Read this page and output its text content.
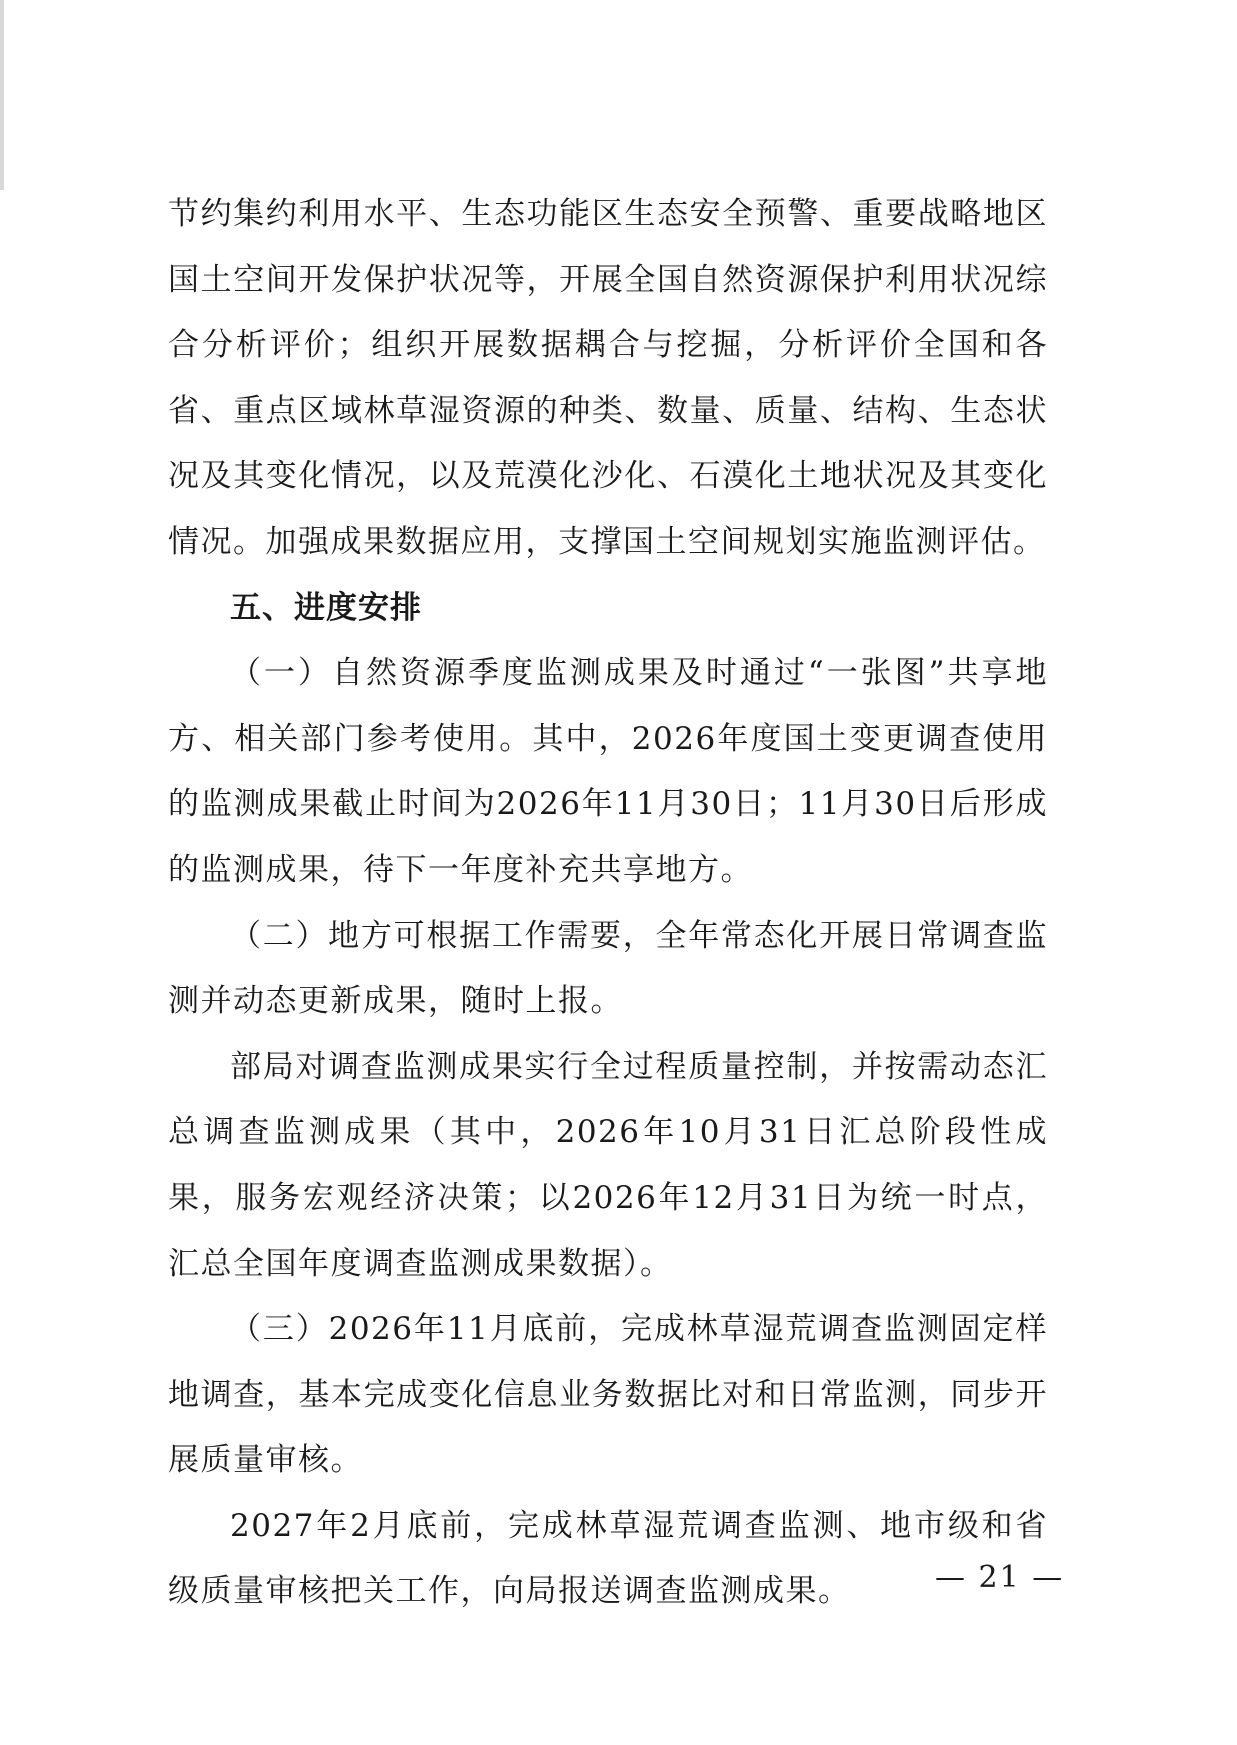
节约集约利用水平、生态功能区生态安全预警、重要战略地区国土空间开发保护状况等，开展全国自然资源保护利用状况综合分析评价；组织开展数据耦合与挖掘，分析评价全国和各省、重点区域林草湿资源的种类、数量、质量、结构、生态状况及其变化情况，以及荒漠化沙化、石漠化土地状况及其变化情况。加强成果数据应用，支撑国土空间规划实施监测评估。

五、进度安排

（一）自然资源季度监测成果及时通过“一张图”共享地方、相关部门参考使用。其中，2026年度国土变更调查使用的监测成果截止时间为2026年11月30日；11月30日后形成的监测成果，待下一年度补充共享地方。

（二）地方可根据工作需要，全年常态化开展日常调查监测并动态更新成果，随时上报。

部局对调查监测成果实行全过程质量控制，并按需动态汇总调查监测成果（其中，2026年10月31日汇总阶段性成果，服务宏观经济决策；以2026年12月31日为统一时点，汇总全国年度调查监测成果数据）。

（三）2026年11月底前，完成林草湿荒调查监测固定样地调查，基本完成变化信息业务数据比对和日常监测，同步开展质量审核。

2027年2月底前，完成林草湿荒调查监测、地市级和省级质量审核把关工作，向局报送调查监测成果。	— 21 —
